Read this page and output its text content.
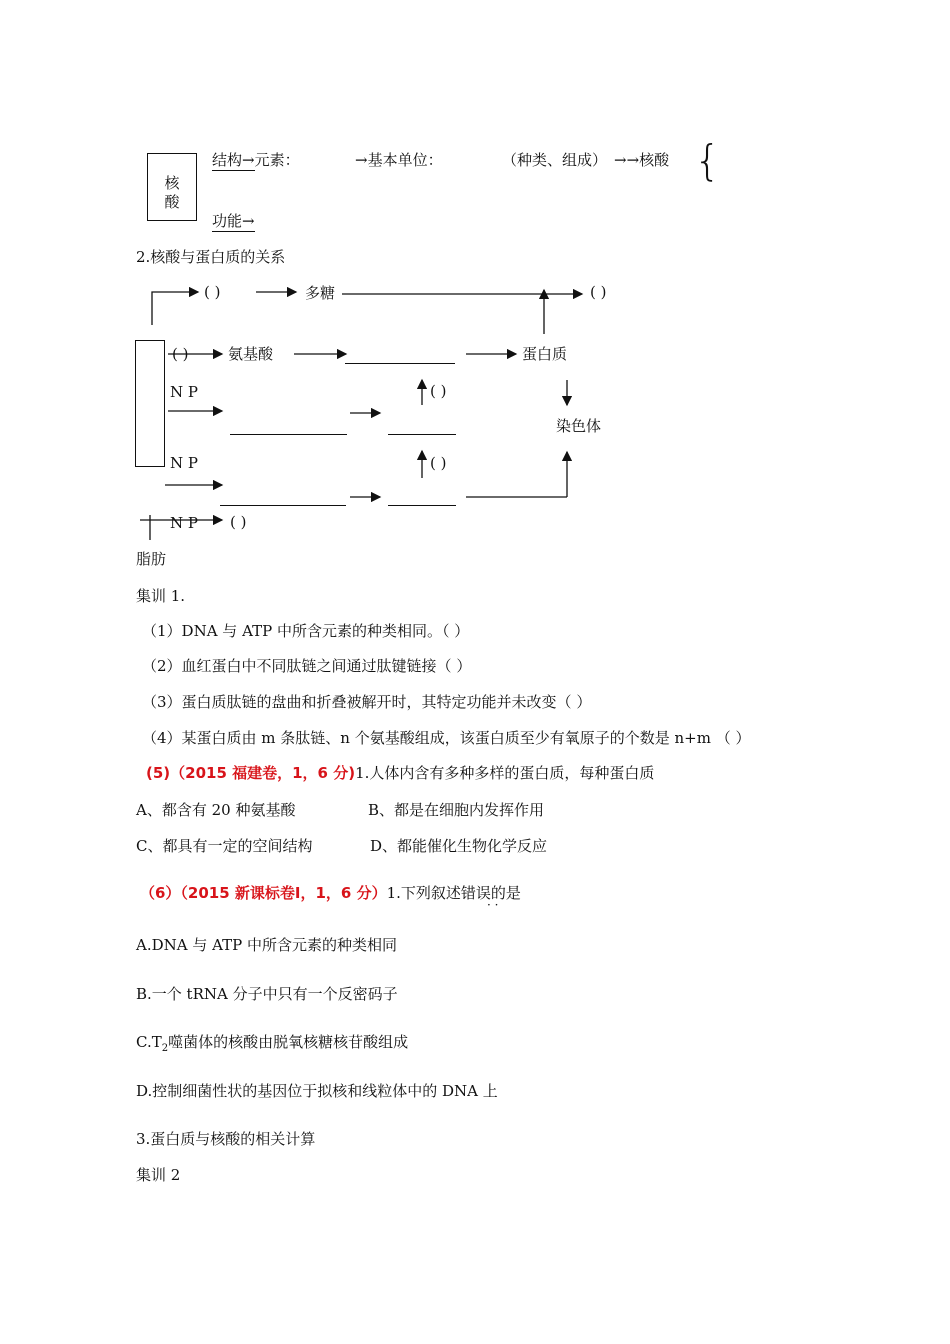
核
酸
结构→元素：	→基本单位：	（种类、组成） →→核酸 {
功能→
2.核酸与蛋白质的关系
( )	多糖	( )
( )	氨基酸	蛋白质
N P	( )
染色体
N P	( )
N P ( )
脂肪
集训 1.
（1）DNA 与 ATP 中所含元素的种类相同。（ ）
（2）血红蛋白中不同肽链之间通过肽键链接（ ）
（3）蛋白质肽链的盘曲和折叠被解开时，其特定功能并未改变（ ）
（4）某蛋白质由 m 条肽链、n 个氨基酸组成，该蛋白质至少有氧原子的个数是 n+m （ ）
(5)（2015 福建卷，1，6 分)1.人体内含有多种多样的蛋白质，每种蛋白质
A、都含有 20 种氨基酸	B、都是在细胞内发挥作用
C、都具有一定的空间结构	D、都能催化生物化学反应
（6）（2015 新课标卷Ⅰ，1，6 分）1.下列叙述错误的是
· ·
A.DNA 与 ATP 中所含元素的种类相同
B.一个 tRNA 分子中只有一个反密码子
$C.T_2$噬菌体的核酸由脱氧核糖核苷酸组成
D.控制细菌性状的基因位于拟核和线粒体中的 DNA 上
3.蛋白质与核酸的相关计算
集训 2
